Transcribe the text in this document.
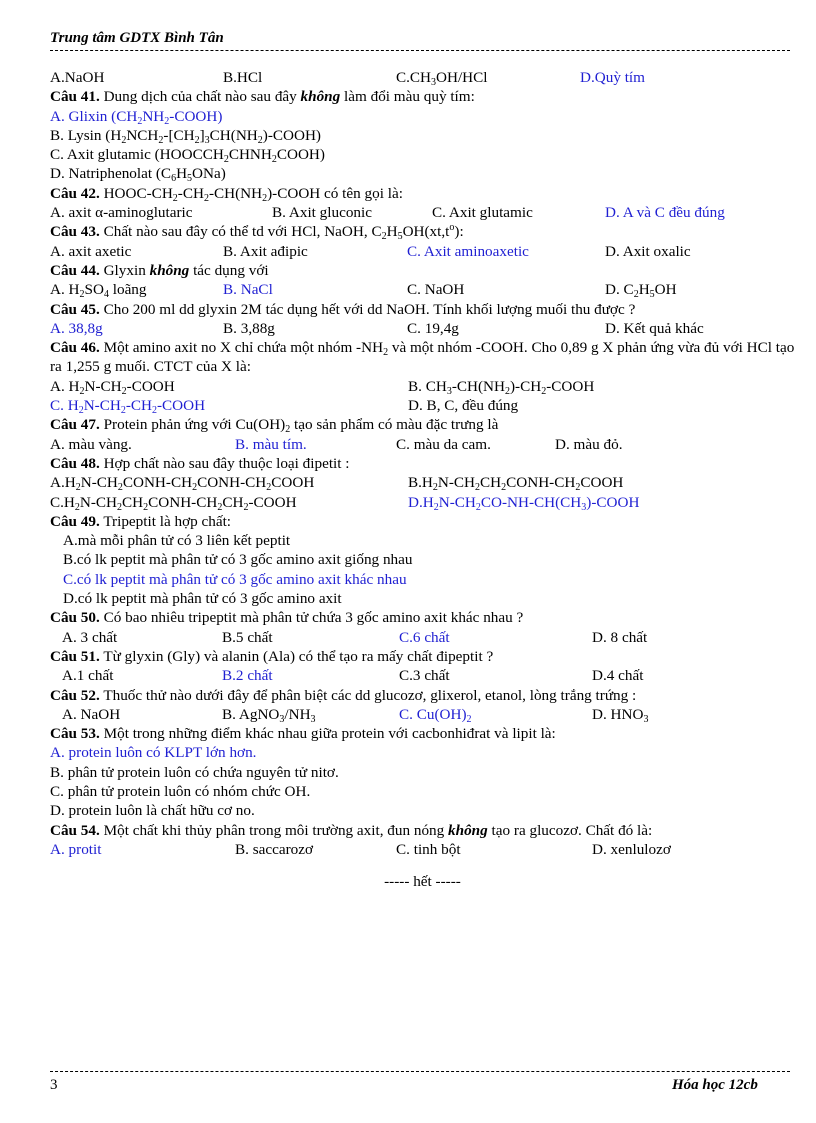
Trung tâm GDTX Bình Tân
A.NaOH	B.HCl	$C.CH_3OH$/HCl	D.Quỳ tím
Câu 41. Dung dịch của chất nào sau đây không làm đổi màu quỳ tím:
A. Glixin $(CH_2NH_2-COOH)$
B. Lysin $(H_2NCH_2-[CH_2]_3CH(NH_2)-COOH)$
C. Axit glutamic $(HOOCCH_2CHNH_2COOH)$
D. Natriphenolat $(C_6H_5ONa)$
Câu 42. HOOC-$CH_2-CH_2-CH(NH_2)$-COOH có tên gọi là:
A. axit α-aminoglutaric	B. Axit gluconic	C. Axit glutamic	D. A và C đều đúng
Câu 43. Chất nào sau đây có thể td với HCl, NaOH, $C_2H_5OH(xt,t^o)$:
A. axit axetic	B. Axit ađipic	C. Axit aminoaxetic	D. Axit oxalic
Câu 44. Glyxin không tác dụng với
A. $H_2SO_4$ loãng	B. NaCl	C. NaOH	D. $C_2H_5OH$
Câu 45. Cho 200 ml dd glyxin 2M tác dụng hết với dd NaOH. Tính khối lượng muối thu được ?
A. 38,8g	B. 3,88g	C. 19,4g	D. Kết quả khác
Câu 46. Một amino axit no X chỉ chứa một nhóm $-NH_2$ và một nhóm -COOH. Cho 0,89 g X phản ứng vừa đủ với HCl tạo ra 1,255 g muối. CTCT của X là:
A. $H_2N-CH_2$-COOH	B. $CH_3-CH(NH_2)-CH_2$-COOH
C. $H_2N-CH_2-CH_2$-COOH	D. B, C, đều đúng
Câu 47. Protein phản ứng với $Cu(OH)_2$ tạo sản phẩm có màu đặc trưng là
A. màu vàng.	B. màu tím.	C. màu da cam.	D. màu đỏ.
Câu 48. Hợp chất nào sau đây thuộc loại đipetit :
$A.H_2N-CH_2CONH-CH_2CONH-CH_2COOH$	$B.H_2N-CH_2CH_2CONH-CH_2COOH$
$C.H_2N-CH_2CH_2CONH-CH_2CH_2$-COOH	$D.H_2N-CH_2CO-NH-CH(CH_3)$-COOH
Câu 49. Tripeptit là hợp chất:
A.mà mỗi phân tử có 3 liên kết peptit
B.có lk peptit mà phân tử có 3 gốc amino axit giống nhau
C.có lk peptit mà phân tử có 3 gốc amino axit khác nhau
D.có lk peptit mà phân tử có 3 gốc amino axit
Câu 50. Có bao nhiêu tripeptit mà phân tử chứa 3 gốc amino axit khác nhau ?
A. 3 chất	B.5 chất	C.6 chất	D. 8 chất
Câu 51. Từ glyxin (Gly) và alanin (Ala) có thể tạo ra mấy chất đipeptit ?
A.1 chất	B.2 chất	C.3 chất	D.4 chất
Câu 52. Thuốc thử nào dưới đây để phân biệt các dd glucozơ, glixerol, etanol, lòng trắng trứng :
A. NaOH	B. $AgNO_3/NH_3$	C. $Cu(OH)_2$	D. $HNO_3$
Câu 53. Một trong những điểm khác nhau giữa protein với cacbonhiđrat và lipit là:
A. protein luôn có KLPT lớn hơn.
B. phân tử protein luôn có chứa nguyên tử nitơ.
C. phân tử protein luôn có nhóm chức OH.
D. protein luôn là chất hữu cơ no.
Câu 54. Một chất khi thủy phân trong môi trường axit, đun nóng không tạo ra glucozơ. Chất đó là:
A. protit	B. saccarozơ	C. tinh bột	D. xenlulozơ
----- hết -----
3	Hóa học 12cb
